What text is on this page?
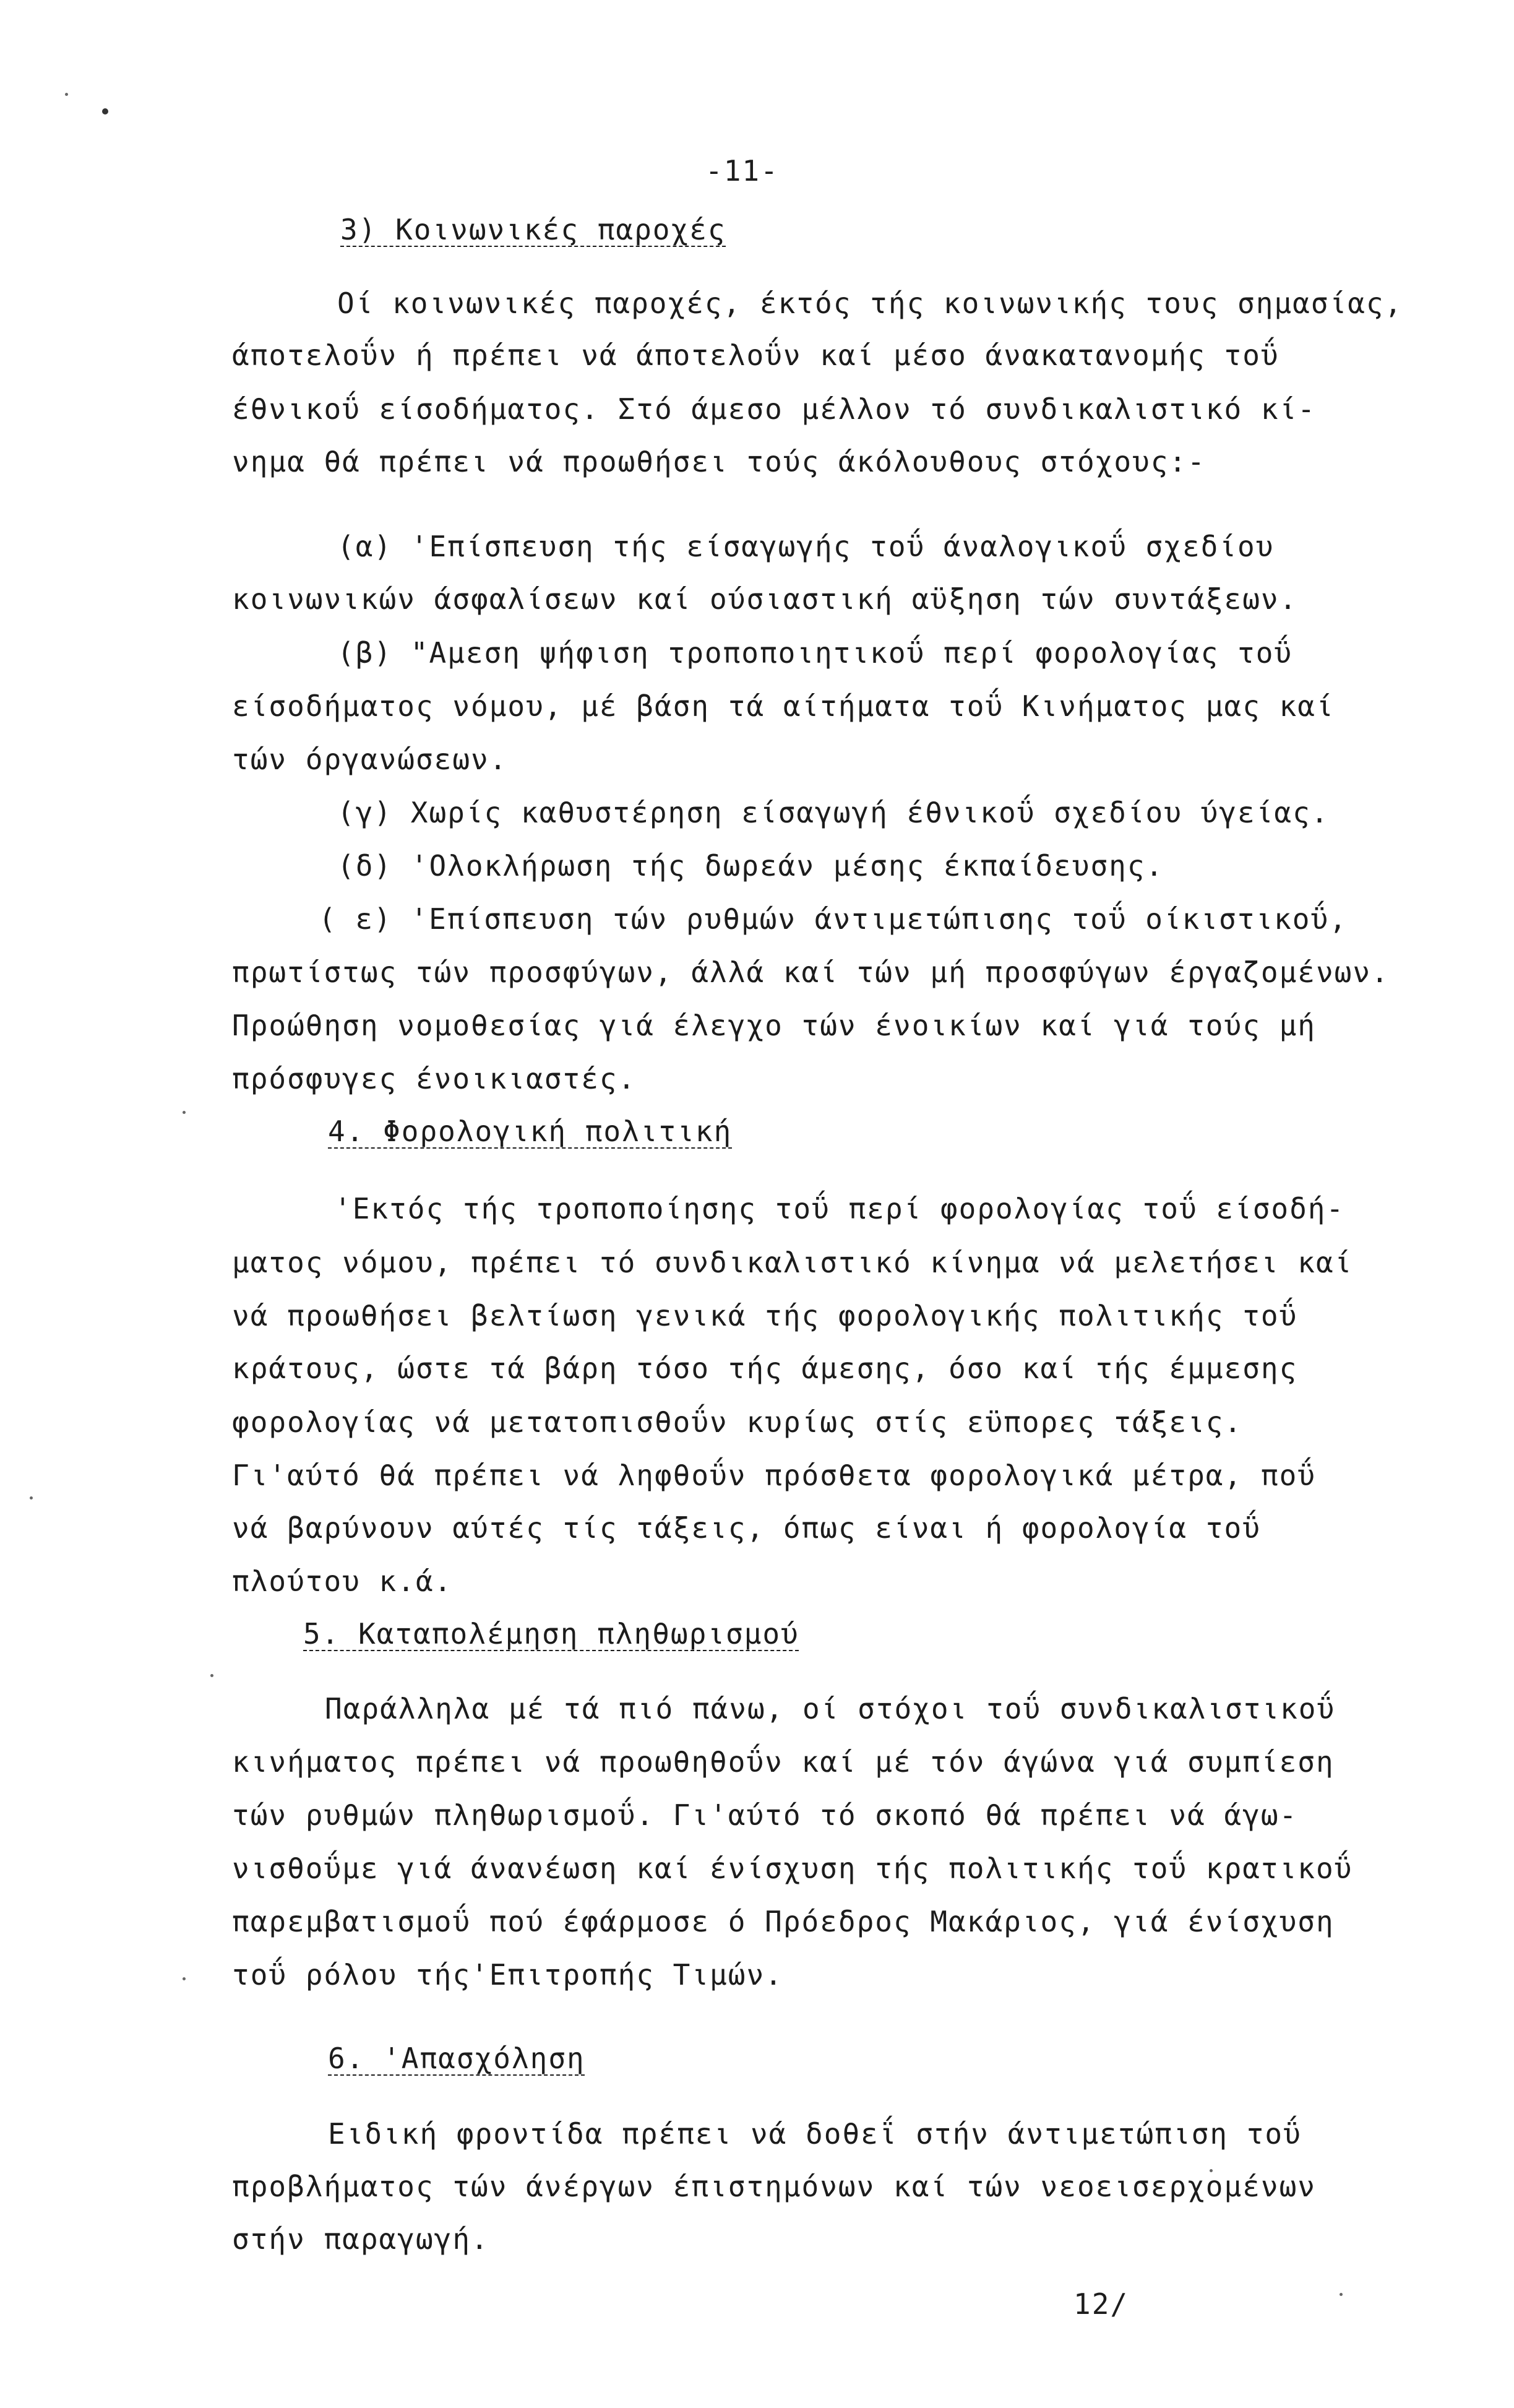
-11-
3) Κοινωνικές παροχές
Οί κοινωνικές παροχές, έκτός τής κοινωνικής τους σημασίας,
άποτελοΰν ή πρέπει νά άποτελοΰν καί μέσο άνακατανομής τοΰ
έθνικοΰ είσοδήματος. Στό άμεσο μέλλον τό συνδικαλιστικό κί-
νημα θά πρέπει νά προωθήσει τούς άκόλουθους στόχους:-
(α) 'Επίσπευση τής είσαγωγής τοΰ άναλογικοΰ σχεδίου
κοινωνικών άσφαλίσεων καί ούσιαστική αϋξηση τών συντάξεων.
(β) "Αμεση ψήφιση τροποποιητικοΰ περί φορολογίας τοΰ
είσοδήματος νόμου, μέ βάση τά αίτήματα τοΰ Κινήματος μας καί
τών όργανώσεων.
(γ) Χωρίς καθυστέρηση είσαγωγή έθνικοΰ σχεδίου ύγείας.
(δ) 'Ολοκλήρωση τής δωρεάν μέσης έκπαίδευσης.
( ε) 'Επίσπευση τών ρυθμών άντιμετώπισης τοΰ οίκιστικοΰ,
πρωτίστως τών προσφύγων, άλλά καί τών μή προσφύγων έργαζομένων.
Προώθηση νομοθεσίας γιά έλεγχο τών ένοικίων καί γιά τούς μή
πρόσφυγες ένοικιαστές.
4. Φορολογική πολιτική
'Εκτός τής τροποποίησης τοΰ περί φορολογίας τοΰ είσοδή-
ματος νόμου, πρέπει τό συνδικαλιστικό κίνημα νά μελετήσει καί
νά προωθήσει βελτίωση γενικά τής φορολογικής πολιτικής τοΰ
κράτους, ώστε τά βάρη τόσο τής άμεσης, όσο καί τής έμμεσης
φορολογίας νά μετατοπισθοΰν κυρίως στίς εϋπορες τάξεις.
Γι'αύτό θά πρέπει νά ληφθοΰν πρόσθετα φορολογικά μέτρα, ποΰ
νά βαρύνουν αύτές τίς τάξεις, όπως είναι ή φορολογία τοΰ
πλούτου κ.ά.
5. Καταπολέμηση πληθωρισμού
Παράλληλα μέ τά πιό πάνω, οί στόχοι τοΰ συνδικαλιστικοΰ
κινήματος πρέπει νά προωθηθοΰν καί μέ τόν άγώνα γιά συμπίεση
τών ρυθμών πληθωρισμοΰ. Γι'αύτό τό σκοπό θά πρέπει νά άγω-
νισθοΰμε γιά άνανέωση καί ένίσχυση τής πολιτικής τοΰ κρατικοΰ
παρεμβατισμοΰ πού έφάρμοσε ό Πρόεδρος Μακάριος, γιά ένίσχυση
τοΰ ρόλου τής'Επιτροπής Τιμών.
6. 'Απασχόληση
Ειδική φροντίδα πρέπει νά δοθεΐ στήν άντιμετώπιση τοΰ
προβλήματος τών άνέργων έπιστημόνων καί τών νεοεισερχομένων
στήν παραγωγή.
12/
